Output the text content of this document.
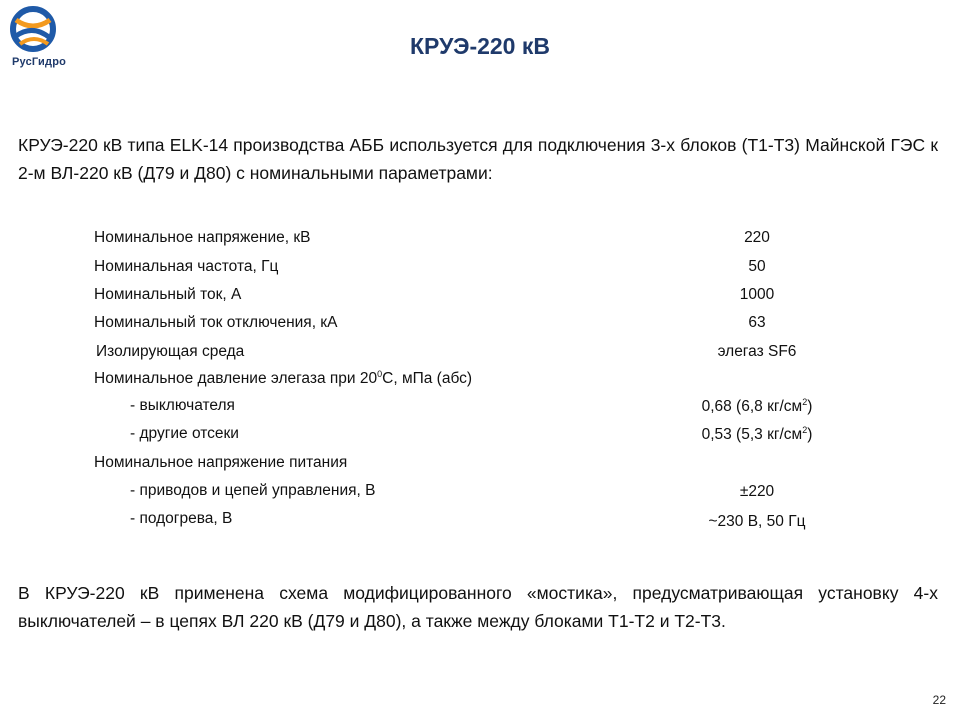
РусГидро
КРУЭ-220 кВ
КРУЭ-220 кВ типа ELK-14 производства АББ используется для подключения 3-х блоков (Т1-Т3) Майнской ГЭС к 2-м ВЛ-220 кВ (Д79 и Д80) с номинальными параметрами:
Номинальное напряжение, кВ	220
Номинальная частота, Гц	50
Номинальный ток, А	1000
Номинальный ток отключения, кА	63
Изолирующая среда	элегаз SF6
Номинальное давление элегаза при $20^0С$, мПа (абс)
- выключателя	0,68 (6,8 $кг/см^2$)
- другие отсеки	0,53 (5,3 $кг/см^2$)
Номинальное напряжение питания
- приводов и цепей управления, В	±220
- подогрева, В	~230 В, 50 Гц
В КРУЭ-220 кВ применена схема модифицированного «мостика», предусматривающая установку 4-х выключателей – в цепях ВЛ 220 кВ (Д79 и Д80), а также между блоками Т1-Т2 и Т2-Т3.
22
